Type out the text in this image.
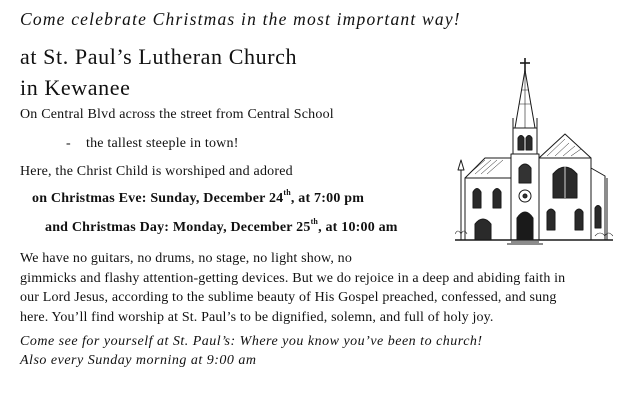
Come celebrate Christmas in the most important way!

at St. Paul’s Lutheran Church

in Kewanee

On Central Blvd across the street from Central School

- the tallest steeple in town!

Here, the Christ Child is worshiped and adored

on Christmas Eve: Sunday, December 24th, at 7:00 pm

and Christmas Day: Monday, December 25th, at 10:00 am

We have no guitars, no drums, no stage, no light show, no
gimmicks and flashy attention-getting devices. But we do rejoice in a deep and abiding faith in
our Lord Jesus, according to the sublime beauty of His Gospel preached, confessed, and sung
here. You’ll find worship at St. Paul’s to be dignified, solemn, and full of holy joy.

Come see for yourself at St. Paul’s: Where you know you’ve been to church!

Also every Sunday morning at 9:00 am
